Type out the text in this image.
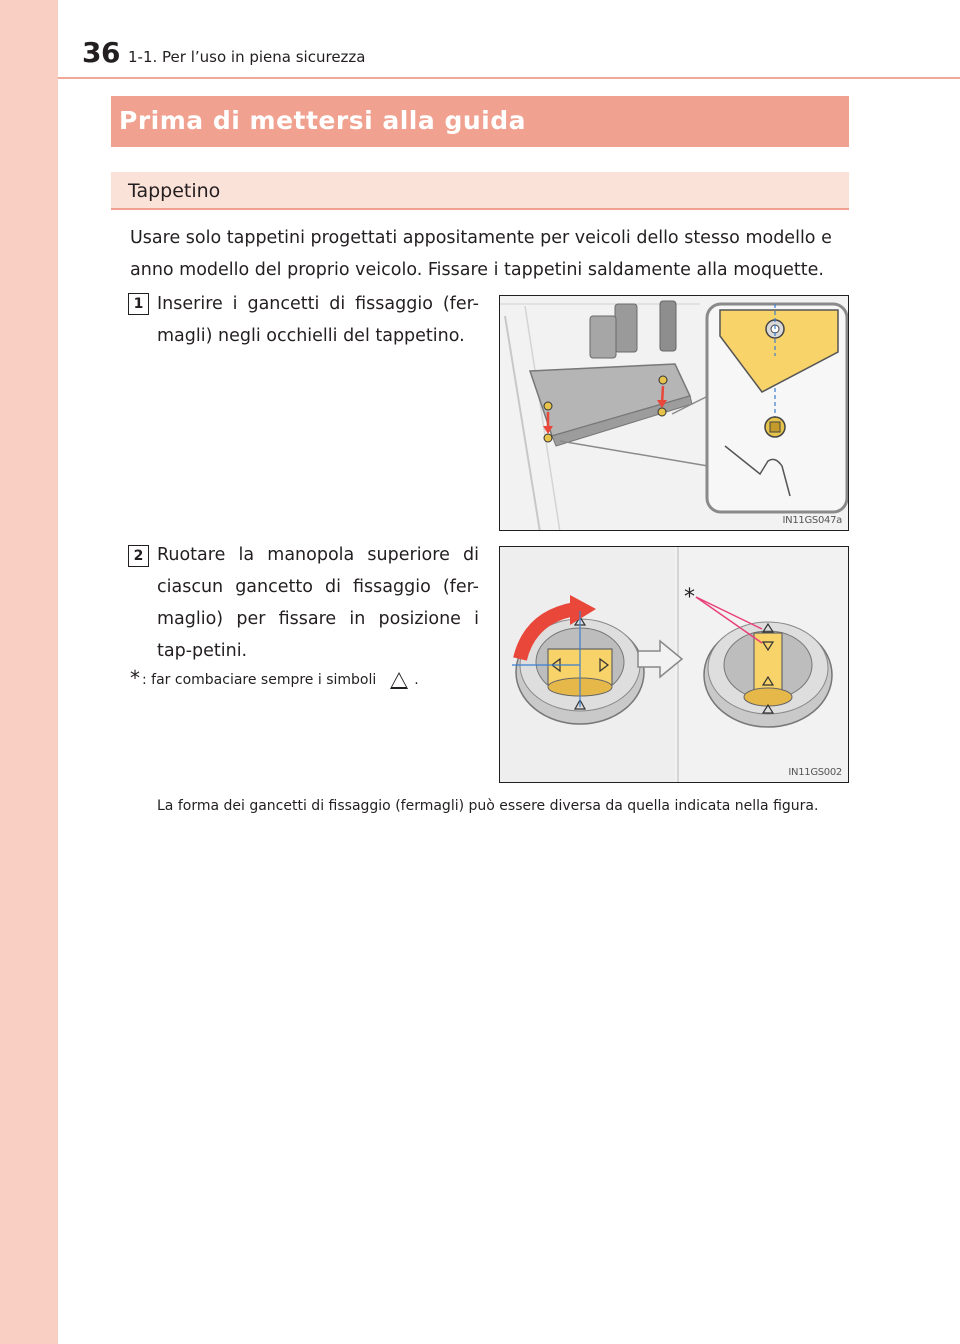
36 1-1. Per l’uso in piena sicurezza
Prima di mettersi alla guida
Tappetino
Usare solo tappetini progettati appositamente per veicoli dello stesso modello e anno modello del proprio veicolo. Fissare i tappetini saldamente alla moquette.
1 Inserire i gancetti di fissaggio (fer-magli) negli occhielli del tappetino.
IN11GS047a
2 Ruotare la manopola superiore di ciascun gancetto di fissaggio (fer-maglio) per fissare in posizione i tap-petini.
* : far combaciare sempre i simboli	.
*
IN11GS002
La forma dei gancetti di fissaggio (fermagli) può essere diversa da quella indicata nella figura.
